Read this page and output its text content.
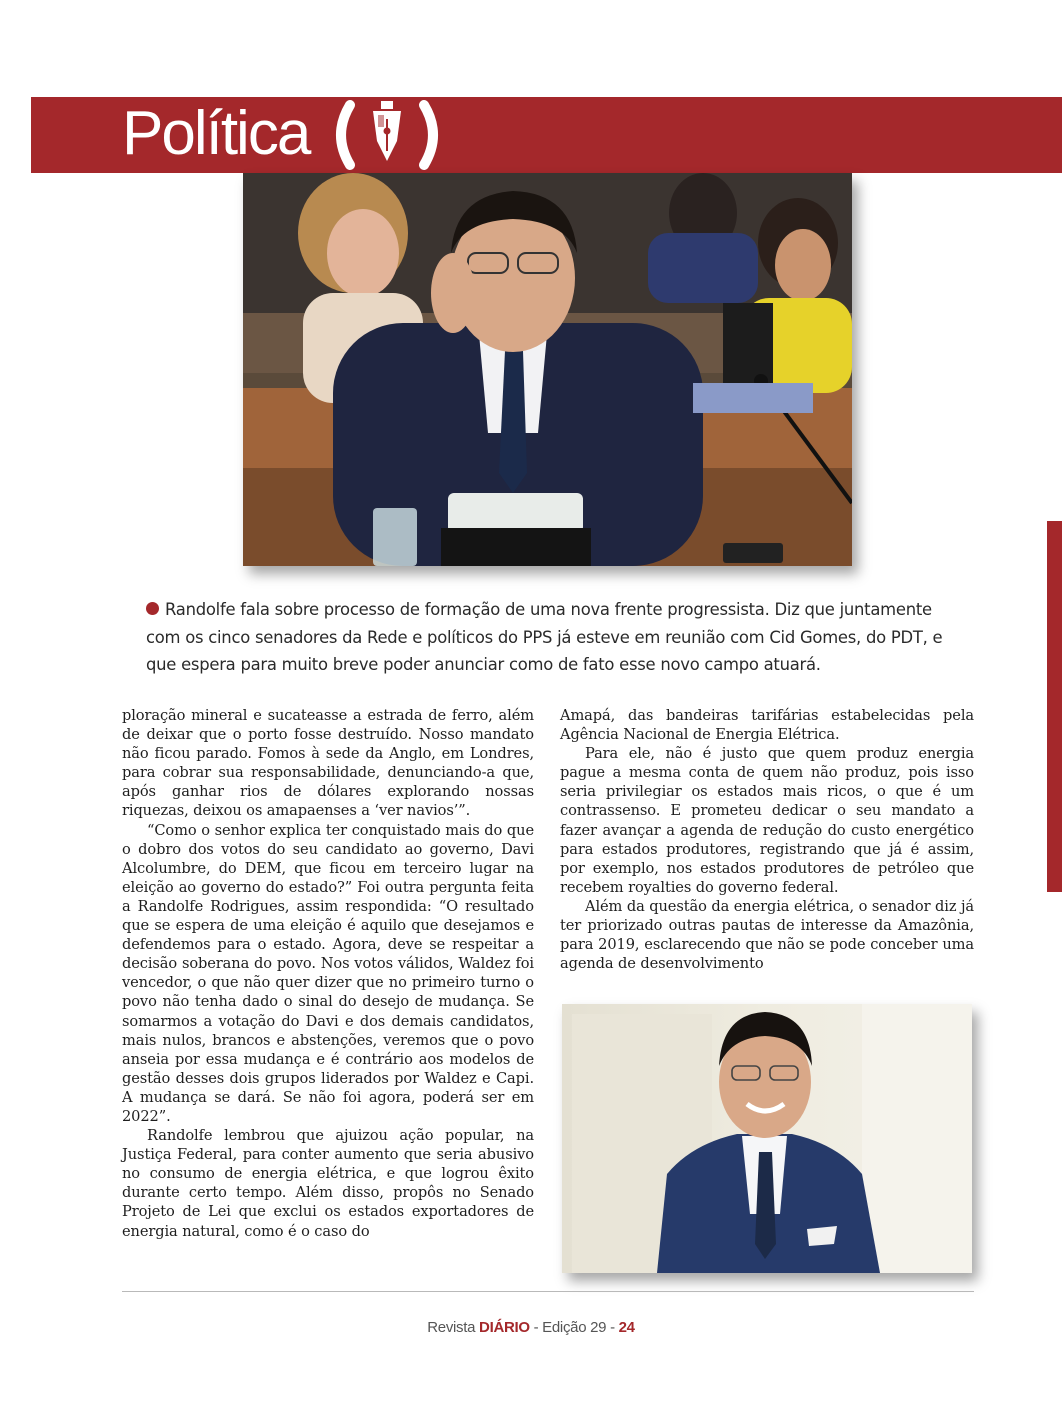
Política
Randolfe fala sobre processo de formação de uma nova frente progressista. Diz que juntamente com os cinco senadores da Rede e políticos do PPS já esteve em reunião com Cid Gomes, do PDT, e que espera para muito breve poder anunciar como de fato esse novo campo atuará.

ploração mineral e sucateasse a estrada de ferro, além de deixar que o porto fosse destruído. Nosso mandato não ficou parado. Fomos à sede da Anglo, em Londres, para cobrar sua responsabilidade, denunciando-a que, após ganhar rios de dólares explorando nossas riquezas, deixou os amapaenses a ‘ver navios’”.

“Como o senhor explica ter conquistado mais do que o dobro dos votos do seu candidato ao governo, Davi Alcolumbre, do DEM, que ficou em terceiro lugar na eleição ao governo do estado?” Foi outra pergunta feita a Randolfe Rodrigues, assim respondida: “O resultado que se espera de uma eleição é aquilo que desejamos e defendemos para o estado. Agora, deve se respeitar a decisão soberana do povo. Nos votos válidos, Waldez foi vencedor, o que não quer dizer que no primeiro turno o povo não tenha dado o sinal do desejo de mudança. Se somarmos a votação do Davi e dos demais candidatos, mais nulos, brancos e abstenções, veremos que o povo anseia por essa mudança e é contrário aos modelos de gestão desses dois grupos liderados por Waldez e Capi. A mudança se dará. Se não foi agora, poderá ser em 2022”.

Randolfe lembrou que ajuizou ação popular, na Justiça Federal, para conter aumento que seria abusivo no consumo de energia elétrica, e que logrou êxito durante certo tempo. Além disso, propôs no Senado Projeto de Lei que exclui os estados exportadores de energia natural, como é o caso do

Amapá, das bandeiras tarifárias estabelecidas pela Agência Nacional de Energia Elétrica.

Para ele, não é justo que quem produz energia pague a mesma conta de quem não produz, pois isso seria privilegiar os estados mais ricos, o que é um contrassenso. E prometeu dedicar o seu mandato a fazer avançar a agenda de redução do custo energético para estados produtores, registrando que já é assim, por exemplo, nos estados produtores de petróleo que recebem royalties do governo federal.

Além da questão da energia elétrica, o senador diz já ter priorizado outras pautas de interesse da Amazônia, para 2019, esclarecendo que não se pode conceber uma agenda de desenvolvimento

Revista DIÁRIO - Edição 29 - 24
